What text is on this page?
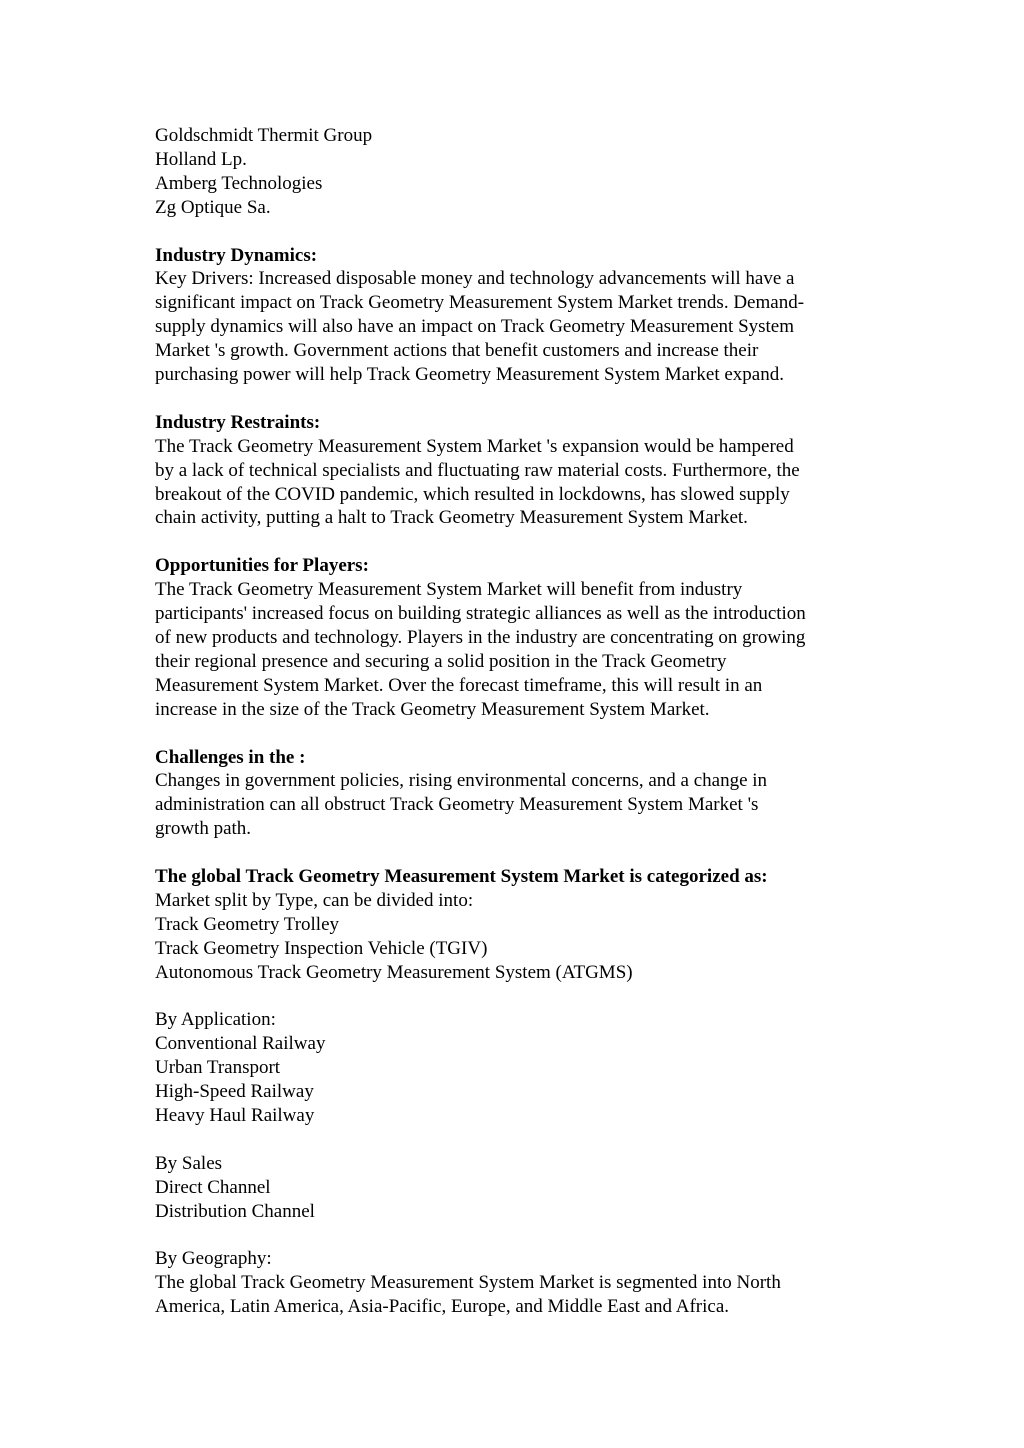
Goldschmidt Thermit Group
Holland Lp.
Amberg Technologies
Zg Optique Sa.
Industry Dynamics:
Key Drivers: Increased disposable money and technology advancements will have a
significant impact on Track Geometry Measurement System Market trends. Demand-
supply dynamics will also have an impact on Track Geometry Measurement System
Market 's growth. Government actions that benefit customers and increase their
purchasing power will help Track Geometry Measurement System Market expand.
Industry Restraints:
The Track Geometry Measurement System Market 's expansion would be hampered
by a lack of technical specialists and fluctuating raw material costs. Furthermore, the
breakout of the COVID pandemic, which resulted in lockdowns, has slowed supply
chain activity, putting a halt to Track Geometry Measurement System Market.
Opportunities for Players:
The Track Geometry Measurement System Market will benefit from industry
participants' increased focus on building strategic alliances as well as the introduction
of new products and technology. Players in the industry are concentrating on growing
their regional presence and securing a solid position in the Track Geometry
Measurement System Market. Over the forecast timeframe, this will result in an
increase in the size of the Track Geometry Measurement System Market.
Challenges in the :
Changes in government policies, rising environmental concerns, and a change in
administration can all obstruct Track Geometry Measurement System Market 's
growth path.
The global Track Geometry Measurement System Market is categorized as:
Market split by Type, can be divided into:
Track Geometry Trolley
Track Geometry Inspection Vehicle (TGIV)
Autonomous Track Geometry Measurement System (ATGMS)
By Application:
Conventional Railway
Urban Transport
High-Speed Railway
Heavy Haul Railway
By Sales
Direct Channel
Distribution Channel
By Geography:
The global Track Geometry Measurement System Market is segmented into North
America, Latin America, Asia-Pacific, Europe, and Middle East and Africa.
